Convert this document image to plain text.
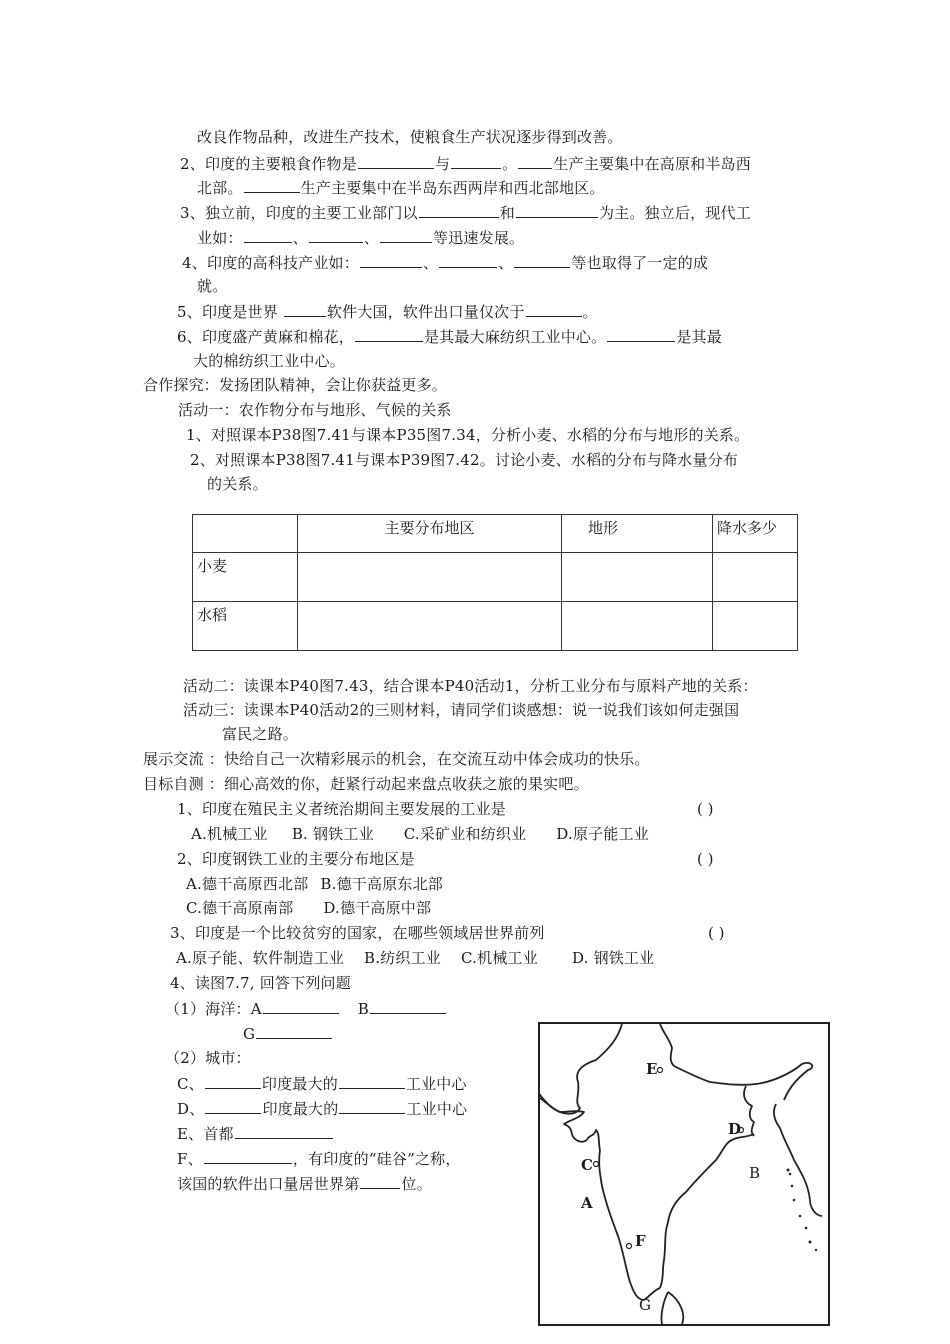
改良作物品种，改进生产技术，使粮食生产状况逐步得到改善。
2、印度的主要粮食作物是	与	。 生产主要集中在高原和半岛西
北部。	生产主要集中在半岛东西两岸和西北部地区。
3、独立前，印度的主要工业部门以	和	为主。独立后，现代工
业如：	、	、	等迅速发展。
4、印度的高科技产业如：	、	、	等也取得了一定的成
就。
5、印度是世界	软件大国，软件出口量仅次于	。
6、印度盛产黄麻和棉花，	是其最大麻纺织工业中心。	是其最
大的棉纺织工业中心。
合作探究：发扬团队精神，会让你获益更多。
活动一：农作物分布与地形、气候的关系
1、对照课本P38图7.41与课本P35图7.34，分析小麦、水稻的分布与地形的关系。
2、对照课本P38图7.41与课本P39图7.42。讨论小麦、水稻的分布与降水量分布
的关系。
	主要分布地区	地形	降水多少
小麦			
水稻			
活动二：读课本P40图7.43，结合课本P40活动1，分析工业分布与原料产地的关系：
活动三：读课本P40活动2的三则材料，请同学们谈感想：说一说我们该如何走强国
富民之路。
展示交流 ：快给自己一次精彩展示的机会，在交流互动中体会成功的快乐。
目标自测 ：细心高效的你，赶紧行动起来盘点收获之旅的果实吧。
1、印度在殖民主义者统治期间主要发展的工业是	( )
A.机械工业 B. 钢铁工业 C.采矿业和纺织业 D.原子能工业
2、印度钢铁工业的主要分布地区是	( )
A.德干高原西北部 B.德干高原东北部
C.德干高原南部 D.德干高原中部
3、印度是一个比较贫穷的国家，在哪些领域居世界前列	( )
A.原子能、软件制造工业 B.纺织工业 C.机械工业 D. 钢铁工业
4、读图7.7, 回答下列问题
（1）海洋：A	B
G
（2）城市：
C、	印度最大的	工业中心
D、	印度最大的	工业中心
E、首都
F、	，有印度的“硅谷”之称，
该国的软件出口量居世界第	位。
E
D
C	B
A
F
G
